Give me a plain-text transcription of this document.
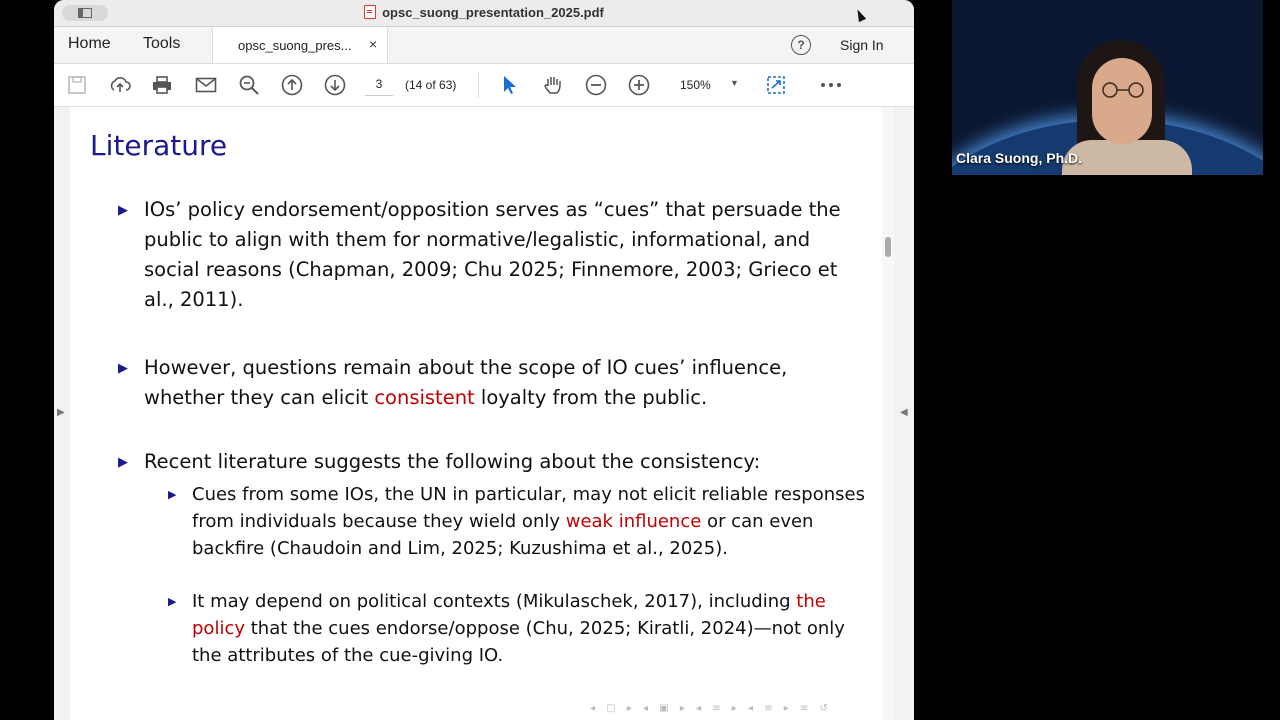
opsc_suong_presentation_2025.pdf
Home Tools	opsc_suong_pres... ×	?	Sign In
3	(14 of 63)	150% ▼
▶	◀
Literature
▶ IOs’ policy endorsement/opposition serves as “cues” that persuade the public to align with them for normative/legalistic, informational, and social reasons (Chapman, 2009; Chu 2025; Finnemore, 2003; Grieco et al., 2011).
▶ However, questions remain about the scope of IO cues’ influence, whether they can elicit consistent loyalty from the public.
▶ Recent literature suggests the following about the consistency:
▶ Cues from some IOs, the UN in particular, may not elicit reliable responses from individuals because they wield only weak influence or can even backfire (Chaudoin and Lim, 2025; Kuzushima et al., 2025).
▶ It may depend on political contexts (Mikulaschek, 2017), including the policy that the cues endorse/oppose (Chu, 2025; Kiratli, 2024)—not only the attributes of the cue-giving IO.
◂ ▢ ▸ ◂ ▣ ▸ ◂ ≡ ▸ ◂ ≡ ▸ ≡ ↺
Clara Suong, Ph.D.
